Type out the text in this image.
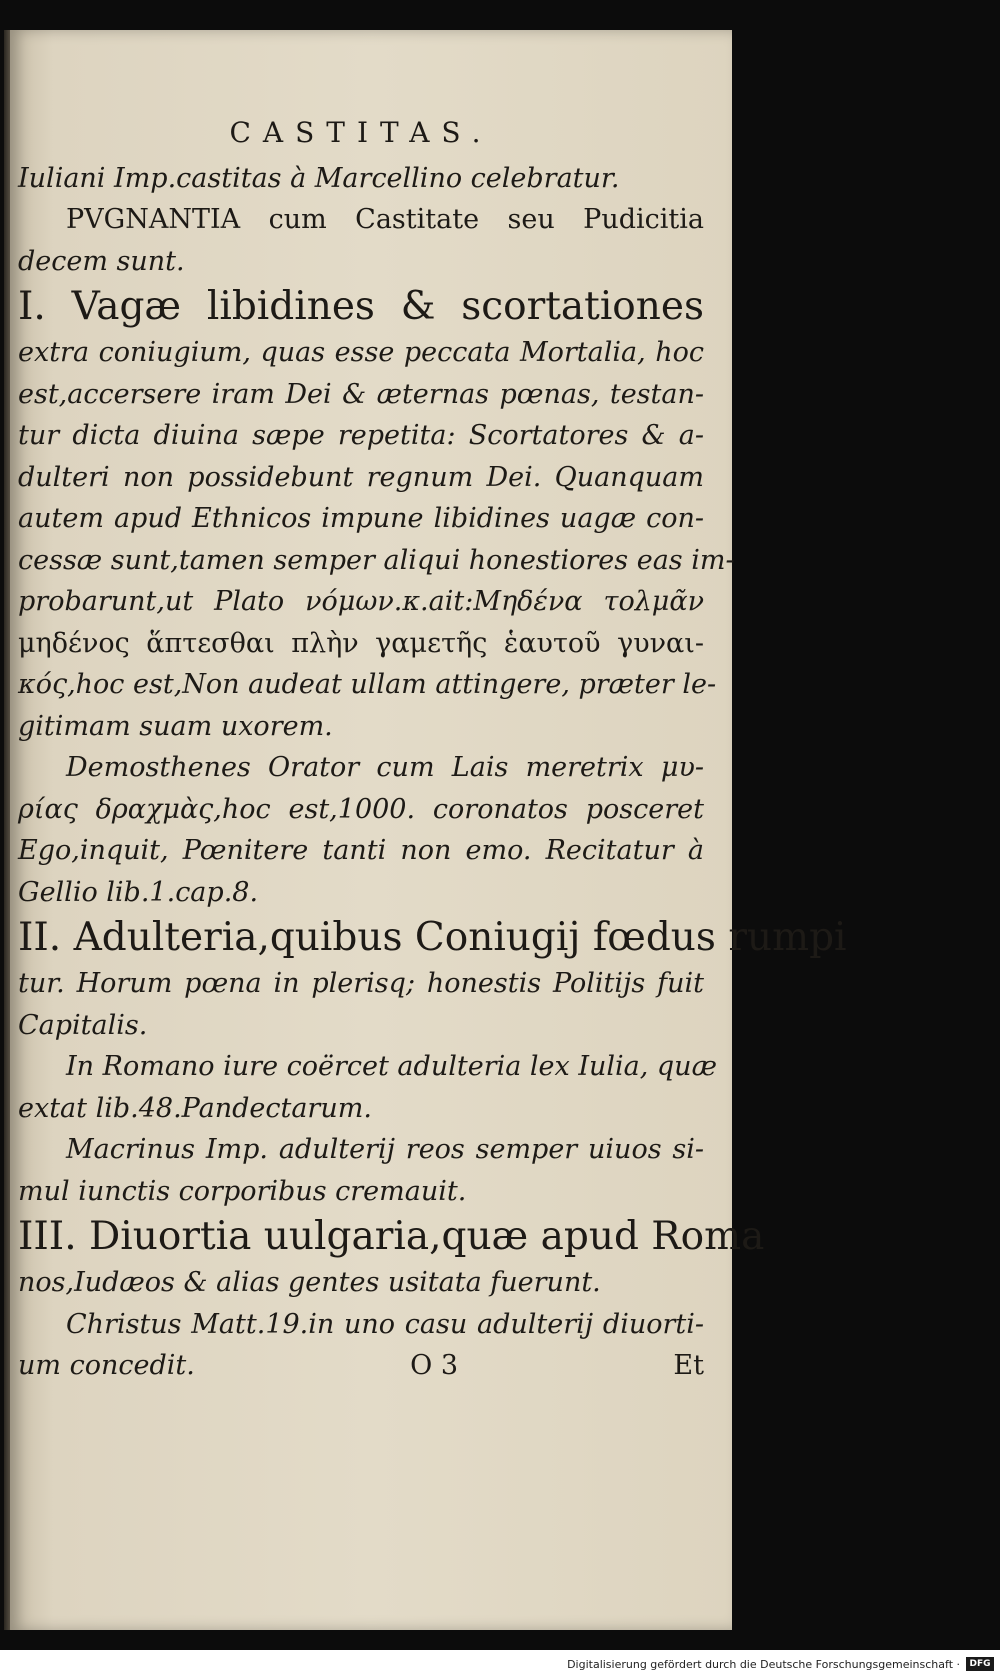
CASTITAS.
Iuliani Imp.castitas à Marcellino celebratur.
PVGNANTIA cum Castitate seu Pudicitia
decem sunt.
I. Vagæ libidines & scortationes
extra coniugium, quas esse peccata Mortalia, hoc
est,accersere iram Dei & æternas pœnas, testan-
tur dicta diuina sæpe repetita: Scortatores & a-
dulteri non possidebunt regnum Dei. Quanquam
autem apud Ethnicos impune libidines uagæ con-
cessæ sunt,tamen semper aliqui honestiores eas im-
probarunt,ut Plato νόμων.κ.ait:Μηδένα τολμᾶν
μηδένος ἅπτεσθαι πλὴν γαμετῆς ἑαυτοῦ γυναι-
κός,hoc est,Non audeat ullam attingere, præter le-
gitimam suam uxorem.
Demosthenes Orator cum Lais meretrix μυ-
ρίας δραχμὰς,hoc est,1000. coronatos posceret
Ego,inquit, Pœnitere tanti non emo. Recitatur à
Gellio lib.1.cap.8.
II. Adulteria,quibus Coniugij fœdus rumpi
tur. Horum pœna in plerisq; honestis Politijs fuit
Capitalis.
In Romano iure coërcet adulteria lex Iulia, quæ
extat lib.48.Pandectarum.
Macrinus Imp. adulterij reos semper uiuos si-
mul iunctis corporibus cremauit.
III. Diuortia uulgaria,quæ apud Roma
nos,Iudæos & alias gentes usitata fuerunt.
Christus Matt.19.in uno casu adulterij diuorti-
um concedit.	O 3	Et
Digitalisierung gefördert durch die Deutsche Forschungsgemeinschaft ·	DFG
